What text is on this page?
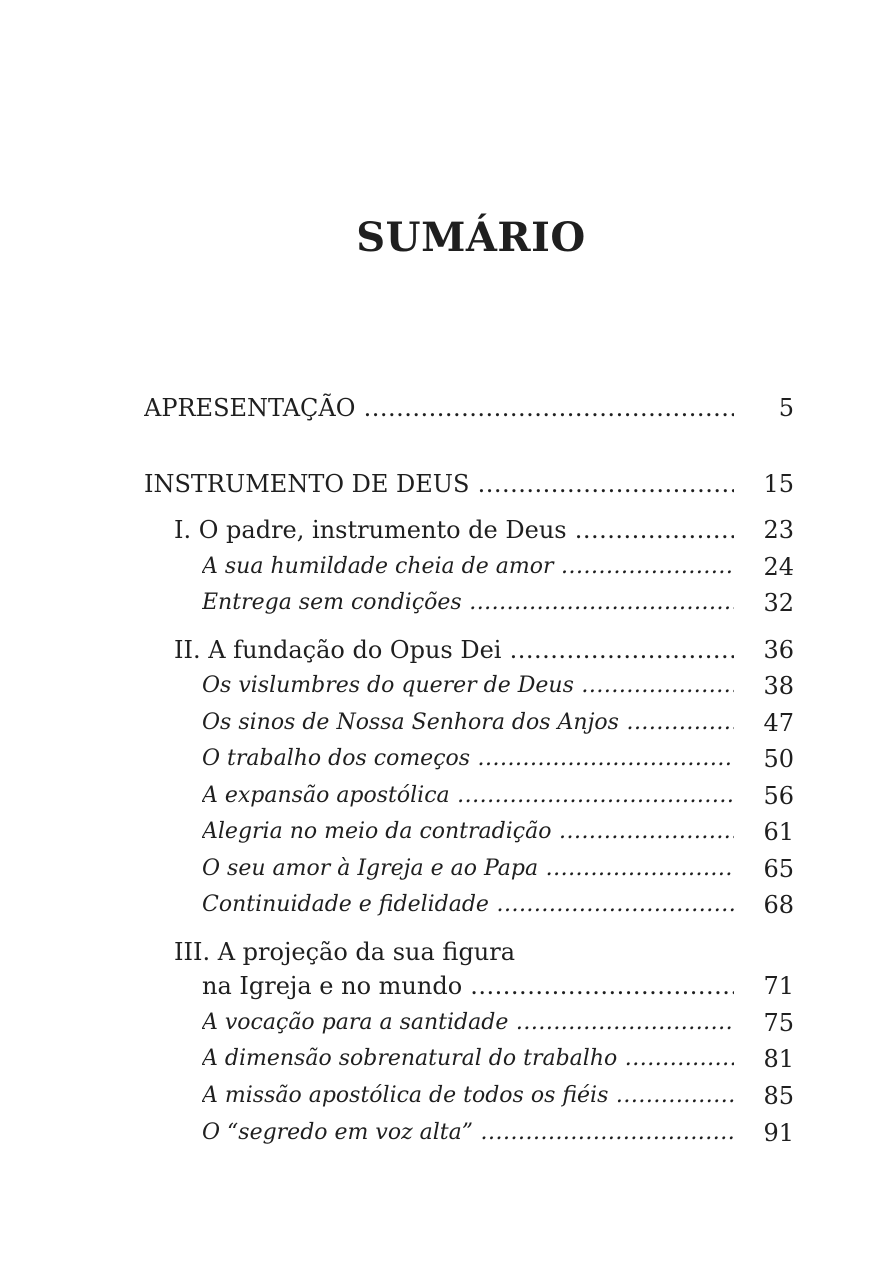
SUMÁRIO
APRESENTAÇÃO .....	5
INSTRUMENTO DE DEUS .....	15
I. O padre, instrumento de Deus .....	23
A sua humildade cheia de amor .....	24
Entrega sem condições .....	32
II. A fundação do Opus Dei .....	36
Os vislumbres do querer de Deus .....	38
Os sinos de Nossa Senhora dos Anjos .....	47
O trabalho dos começos .....	50
A expansão apostólica .....	56
Alegria no meio da contradição .....	61
O seu amor à Igreja e ao Papa .....	65
Continuidade e fidelidade .....	68
III. A projeção da sua figura
na Igreja e no mundo .....	71
A vocação para a santidade .....	75
A dimensão sobrenatural do trabalho .....	81
A missão apostólica de todos os fiéis .....	85
O “segredo em voz alta” .....	91
